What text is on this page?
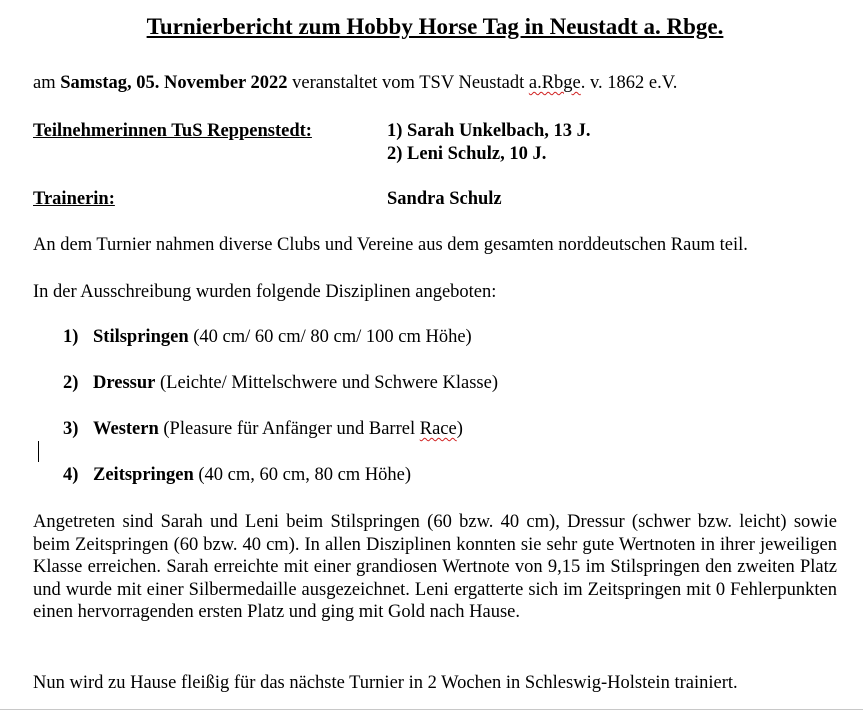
Turnierbericht zum Hobby Horse Tag in Neustadt a. Rbge.
am Samstag, 05. November 2022 veranstaltet vom TSV Neustadt a.Rbge. v. 1862 e.V.
Teilnehmerinnen TuS Reppenstedt:	1) Sarah Unkelbach, 13 J.
2) Leni Schulz, 10 J.
Trainerin:	Sandra Schulz
An dem Turnier nahmen diverse Clubs und Vereine aus dem gesamten norddeutschen Raum teil.
In der Ausschreibung wurden folgende Disziplinen angeboten:
1) Stilspringen (40 cm/ 60 cm/ 80 cm/ 100 cm Höhe)
2) Dressur (Leichte/ Mittelschwere und Schwere Klasse)
3) Western (Pleasure für Anfänger und Barrel Race)
4) Zeitspringen (40 cm, 60 cm, 80 cm Höhe)
Angetreten sind Sarah und Leni beim Stilspringen (60 bzw. 40 cm), Dressur (schwer bzw. leicht) sowie beim Zeitspringen (60 bzw. 40 cm). In allen Disziplinen konnten sie sehr gute Wertnoten in ihrer jeweiligen Klasse erreichen. Sarah erreichte mit einer grandiosen Wertnote von 9,15 im Stilspringen den zweiten Platz und wurde mit einer Silbermedaille ausgezeichnet. Leni ergatterte sich im Zeitspringen mit 0 Fehlerpunkten einen hervorragenden ersten Platz und ging mit Gold nach Hause.
Nun wird zu Hause fleißig für das nächste Turnier in 2 Wochen in Schleswig-Holstein trainiert.
